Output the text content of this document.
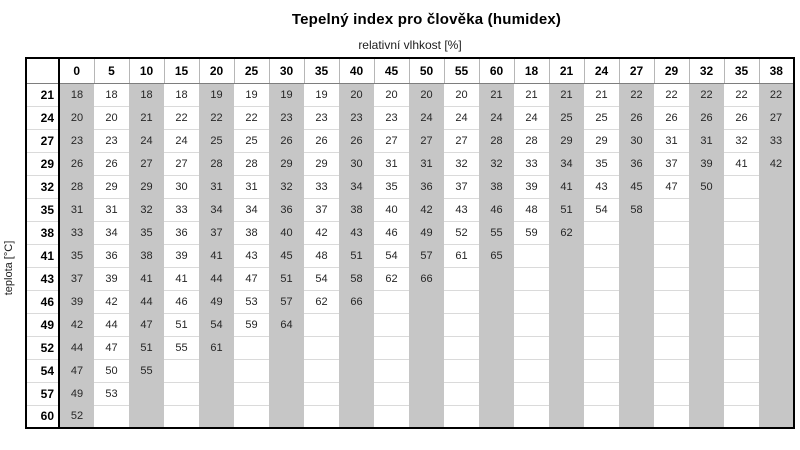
Tepelný index pro člověka (humidex)
relativní vlhkost [%]
teplota [°C]
	0	5	10	15	20	25	30	35	40	45	50	55	60	18	21	24	27	29	32	35	38
21	18	18	18	18	19	19	19	19	20	20	20	20	21	21	21	21	22	22	22	22	22
24	20	20	21	22	22	22	23	23	23	23	24	24	24	24	25	25	26	26	26	26	27
27	23	23	24	24	25	25	26	26	26	27	27	27	28	28	29	29	30	31	31	32	33
29	26	26	27	27	28	28	29	29	30	31	31	32	32	33	34	35	36	37	39	41	42
32	28	29	29	30	31	31	32	33	34	35	36	37	38	39	41	43	45	47	50		
35	31	31	32	33	34	34	36	37	38	40	42	43	46	48	51	54	58				
38	33	34	35	36	37	38	40	42	43	46	49	52	55	59	62						
41	35	36	38	39	41	43	45	48	51	54	57	61	65								
43	37	39	41	41	44	47	51	54	58	62	66										
46	39	42	44	46	49	53	57	62	66												
49	42	44	47	51	54	59	64														
52	44	47	51	55	61																
54	47	50	55																		
57	49	53																			
60	52																				
